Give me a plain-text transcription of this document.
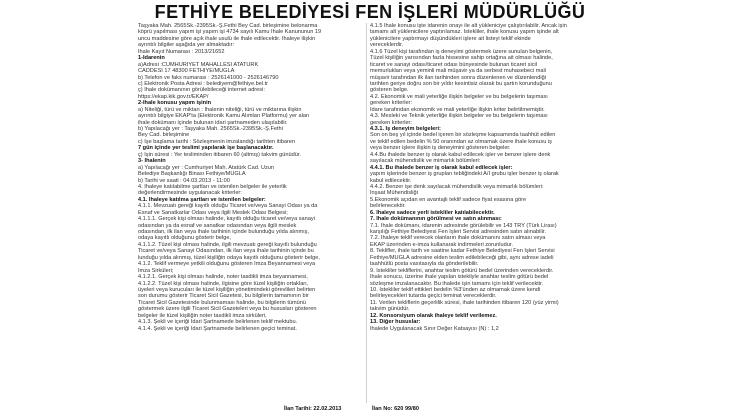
FETHİYE BELEDİYESİ FEN İŞLERİ MÜDÜRLÜĞÜ
Taşyaka Mah. 2565Sk.-2395Sk.-Ş.Fethi Bey Cad. birleşimine belonarma
köprü yapılması yapım işi yapım işi 4734 sayılı Kamu İhale Kanununun 19
uncu maddesine göre açık ihale usulü ile ihale edilecektir. İhaleye ilişkin
ayrıntılı bilgiler aşağıda yer almaktadır:
İhale Kayıt Numarası : 2013/21652
1-İdarenin
a)Adresi :CUMHURİYET MAHALLESİ ATATÜRK
CADDESİ 17 48300 FETHİYE/MUĞLA
b) Telefon ve faks numarası : 2526141000 - 2526146790
c) Elektronik Posta Adresi : belediyem@fethiye.bel.tr
ç) İhale dokümanının görülebileceği internet adresi:
https://ekap.kik.gov.tr/EKAP/
2-İhale konusu yapım işinin
a) Niteliği, türü ve miktarı : İhalenin niteliği, türü ve miktarına ilişkin
ayrıntılı bilgiye EKAP'ta (Elektronik Kamu Alımları Platformu) yer alan
ihale dokümanı içinde bulunan idari şartnameden ulaşılabilir.
b) Yapılacağı yer : Taşyaka Mah. 2565Sk.-2395Sk.-Ş.Fethi
Bey Cad. birleşimine
c) İşe başlama tarihi : Sözleşmenin imzalandığı tarihten itibaren
7 gün içinde yer teslimi yapılarak işe başlanacaktır.
ç) İşin süresi : Yer tesliminden itibaren 60 (altmış) takvim günüdür.
3- İhalenin
a) Yapılacağı yer : Cumhuriyet Mah. Atatürk Cad. Uzun
Belediye Başkanlığı Binası Fethiye/MUĞLA
b) Tarihi ve saati : 04.03.2013 - 11:00
4. İhaleye katılabilme şartları ve istenilen belgeler ile yeterlik
değerlendirmesinde uygulanacak kriterler:
4.1. İhaleye katılma şartları ve istenilen belgeler:
4.1.1. Mevzuatı gereği kayıtlı olduğu Ticaret ve/veya Sanayi Odası ya da
Esnaf ve Sanatkarlar Odası veya ilgili Meslek Odası Belgesi;
4.1.1.1. Gerçek kişi olması halinde, kayıtlı olduğu ticaret ve/veya sanayi
odasından ya da esnaf ve sanatkar odasından veya ilgili meslek
odasından, ilk ilan veya ihale tarihinin içinde bulunduğu yılda alınmış,
odaya kayıtlı olduğunu gösterir belge,
4.1.1.2. Tüzel kişi olması halinde, ilgili mevzuatı gereği kayıtlı bulunduğu
Ticaret ve/veya Sanayi Odasından, ilk ilan veya ihale tarihinin içinde bu
lunduğu yılda alınmış, tüzel kişiliğin odaya kayıtlı olduğunu gösterir belge,
4.1.2. Teklif vermeye yetkili olduğunu gösteren İmza Beyannamesi veya
İmza Sirküleri;
4.1.2.1. Gerçek kişi olması halinde, noter tasdikli imza beyannamesi,
4.1.2.2. Tüzel kişi olması halinde, ilgisine göre tüzel kişiliğin ortakları,
üyeleri veya kurucuları ile tüzel kişiliğin yönetimindeki görevlileri belirten
son durumu gösterir Ticaret Sicil Gazetesi, bu bilgilerin tamamının bir
Ticaret Sicil Gazetesinde bulunmaması halinde, bu bilgilerin tümünü
göstermek üzere ilgili Ticaret Sicil Gazeteleri veya bu hususları gösteren
belgeler ile tüzel kişiliğin noter tasdikli imza sirküleri,
4.1.3. Şekli ve içeriği İdari Şartnamede belirlenen teklif mektubu.
4.1.4. Şekli ve içeriği İdari Şartnamede belirlenen geçici teminat.
4.1.5 İhale konusu işte idarenin onayı ile alt yükleniciye çalıştırılabilir. Ancak işin
tamamı alt yüklenicilere yaptırılamaz. İstekliler, ihale konusu yapım işinde alt
yüklenicilere yaptırmayı düşündükleri işlere ait listeyi teklif ekinde
vereceklerdir.
4.1.6 Tüzel kişi tarafından iş deneyimi göstermek üzere sunulan belgenin,
Tüzel kişiliğin yarısından fazla hissesine sahip ortağına ait olması halinde,
ticaret ve sanayi odası/ticaret odası bünyesinde bulunan ticaret sicil
memurluklan veya yeminli mali müşavir ya da serbest muhasebeci mali
müşavir tarafından ilk ilan tarihinden sonra düzenlenen ve düzenlendiği
tarihten geriye doğru son bir yıldır kesintisiz olarak bu şartın korunduğunu
gösteren belge.
4.2. Ekonomik ve mali yeterliğe ilişkin belgeler ve bu belgelerin taşıması
gereken kriterler:
İdare tarafından ekonomik ve mali yeterliğe ilişkin kriter belirtilmemiştir.
4.3. Mesleki ve Teknik yeterliğe ilişkin belgeler ve bu belgelerin taşıması
gereken kriterler:
4.3.1. İş deneyim belgeleri:
Son on beş yıl içinde bedel içeren bir sözleşme kapsamında taahhüt edilen
ve teklif edilen bedelin % 50 oranından az olmamak üzere ihale konusu iş
veya benzer işlere ilişkin iş deneyimini gösteren belgeler.
4.4.Bu ihalede benzer iş olarak kabul edilecek işler ve benzer işlere denk
sayılacak mühendislik ve mimarlık bölümleri:
4.4.1. Bu ihalede benzer iş olarak kabul edilecek işler:
yapım işlerinde benzer iş grupları tebliğindeki A/I grubu işler benzer iş olarak
kabul edilecektir.
4.4.2. Benzer işe denk sayılacak mühendislik veya mimarlık bölümleri:
İnşaat Mühendisliği
5.Ekonomik açıdan en avantajlı teklif sadece fiyat esasına göre
belirlenecektir.
6. İhaleye sadece yerli istekliler katılabilecektir.
7. İhale dokümanının görülmesi ve satın alınması:
7.1. İhale dokümanı, idarenin adresinde görülebilir ve 143 TRY (Türk Lirası)
karşılığı Fethiye Belediyesi Fen İşleri Servisi adresinden satın alınabilir.
7.2. İhaleye teklif verecek olanların ihale dokümanını satın alması veya
EKAP üzerinden e-imza kullanarak indirmeleri zorunludur.
8. Teklifler, ihale tarih ve saatine kadar Fethiye Belediyesi Fen İşleri Servisi
Fethiye/MUĞLA adresine elden teslim edilebileceği gibi, aynı adrese iadeli
taahhütlü posta vasıtasıyla da gönderilebilir.
9. İstekliler tekliflerini, anahtar teslim götürü bedel üzerinden vereceklerdir.
İhale sonucu, üzerine ihale yapılan istekliyle anahtar teslim götürü bedel
sözleşme imzalanacaktır. Bu ihalede işin tamamı için teklif verilecektir.
10. İstekliler teklif ettikleri bedelin %3'ünden az olmamak üzere kendi
belirleyecekleri tutarda geçici teminat vereceklerdir.
11. Verilen tekliflerin geçerlilik süresi, ihale tarihinden itibaren 120 (yüz yirmi)
takvim günüdür.
12. Konsorsiyum olarak ihaleye teklif verilemez.
13. Diğer hususlar:
İhalede Uygulanacak Sınır Değer Katsayısı (N) : 1,2
İlan Tarihi: 22.02.2013	İlan No: 620 99/80
